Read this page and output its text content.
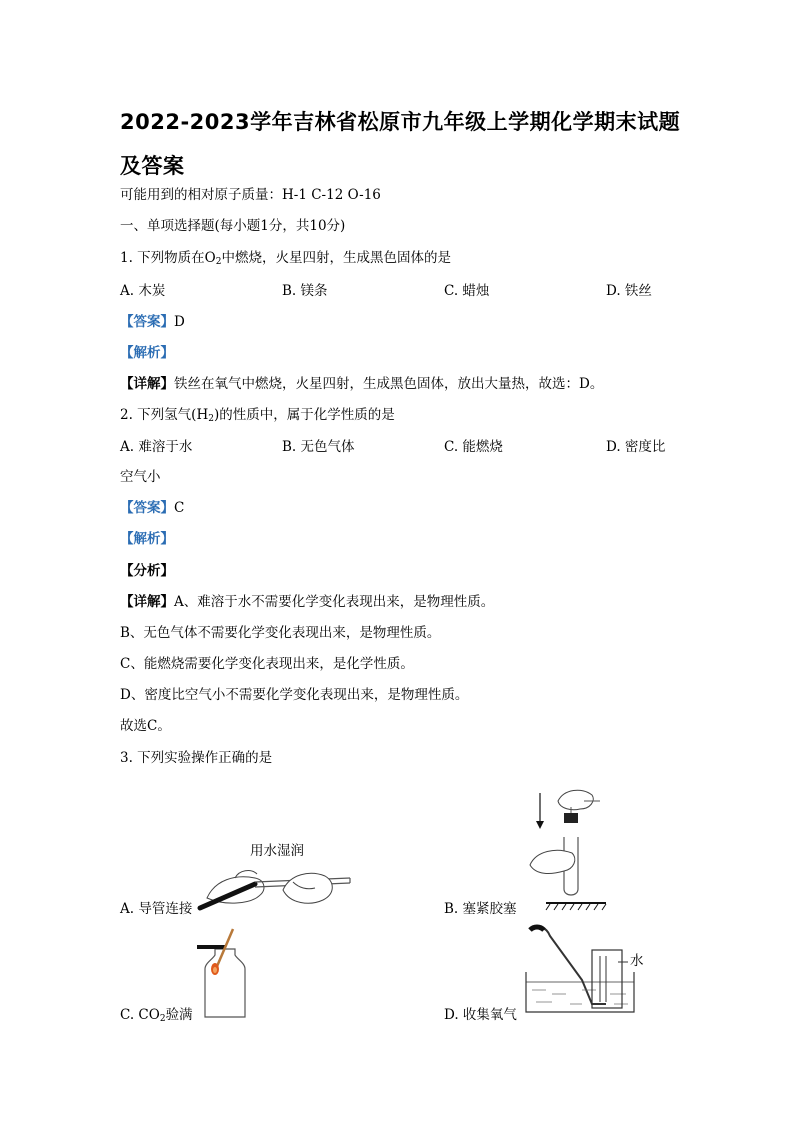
2022-2023学年吉林省松原市九年级上学期化学期末试题及答案
可能用到的相对原子质量：H-1 C-12 O-16
一、单项选择题(每小题1分，共10分)
1. 下列物质在$O_2$中燃烧，火星四射，生成黑色固体的是
A. 木炭	B. 镁条	C. 蜡烛	D. 铁丝
【答案】D
【解析】
【详解】铁丝在氧气中燃烧，火星四射，生成黑色固体，放出大量热，故选：D。
2. 下列氢气$(H_2)$的性质中，属于化学性质的是
A. 难溶于水	B. 无色气体	C. 能燃烧	D. 密度比
空气小
【答案】C
【解析】
【分析】
【详解】A、难溶于水不需要化学变化表现出来，是物理性质。
B、无色气体不需要化学变化表现出来，是物理性质。
C、能燃烧需要化学变化表现出来，是化学性质。
D、密度比空气小不需要化学变化表现出来，是物理性质。
故选C。
3. 下列实验操作正确的是
用水湿润
A. 导管连接	B. 塞紧胶塞
C. $CO_2$验满
水
D. 收集氧气
